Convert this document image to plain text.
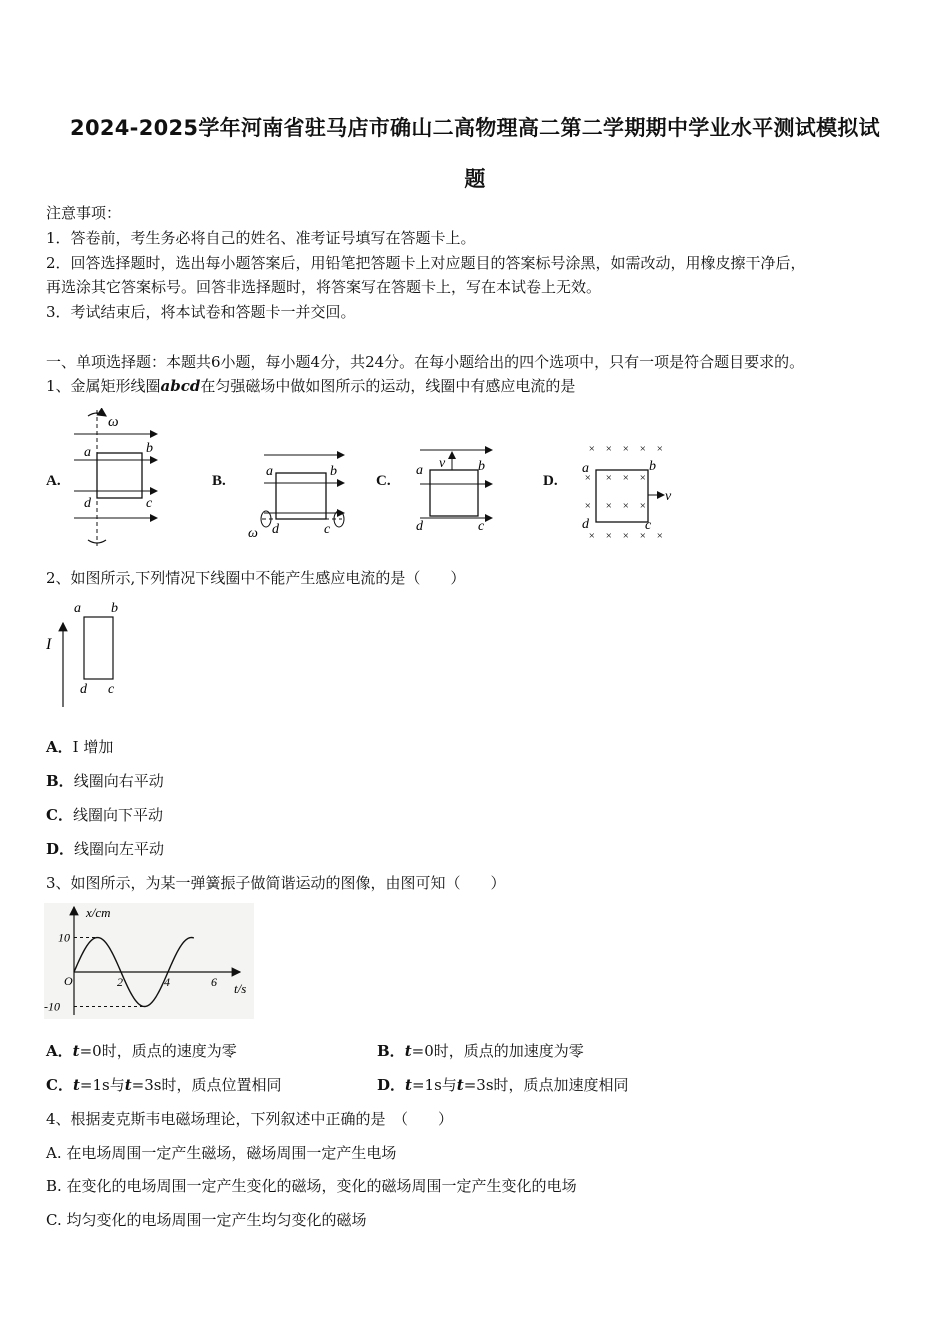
2024-2025学年河南省驻马店市确山二高物理高二第二学期期中学业水平测试模拟试
题
注意事项：
1．答卷前，考生务必将自己的姓名、准考证号填写在答题卡上。
2．回答选择题时，选出每小题答案后，用铅笔把答题卡上对应题目的答案标号涂黑，如需改动，用橡皮擦干净后，
再选涂其它答案标号。回答非选择题时，将答案写在答题卡上，写在本试卷上无效。
3．考试结束后，将本试卷和答题卡一并交回。
一、单项选择题：本题共6小题，每小题4分，共24分。在每小题给出的四个选项中，只有一项是符合题目要求的。
1、金属矩形线圈abcd在匀强磁场中做如图所示的运动，线圈中有感应电流的是
A.	B.	C.	D.
ω
a	b
d	c
a	b
d	c
ω
v
a	b
d	c
× × × × ×
× × × ×
× × × ×
× × × × ×
v
a	b
d	c
2、如图所示,下列情况下线圈中不能产生感应电流的是（　　）
I
a b
d c
A．I 增加
B．线圈向右平动
C．线圈向下平动
D．线圈向左平动
3、如图所示，为某一弹簧振子做简谐运动的图像，由图可知（　　）
x/cm
t/s
O	2	4	6
10
-10
A．t=0时，质点的速度为零	B．t=0时，质点的加速度为零
C．t=1s与t=3s时，质点位置相同	D．t=1s与t=3s时，质点加速度相同
4、根据麦克斯韦电磁场理论，下列叙述中正确的是　（　　）
A. 在电场周围一定产生磁场，磁场周围一定产生电场
B. 在变化的电场周围一定产生变化的磁场，变化的磁场周围一定产生变化的电场
C. 均匀变化的电场周围一定产生均匀变化的磁场
